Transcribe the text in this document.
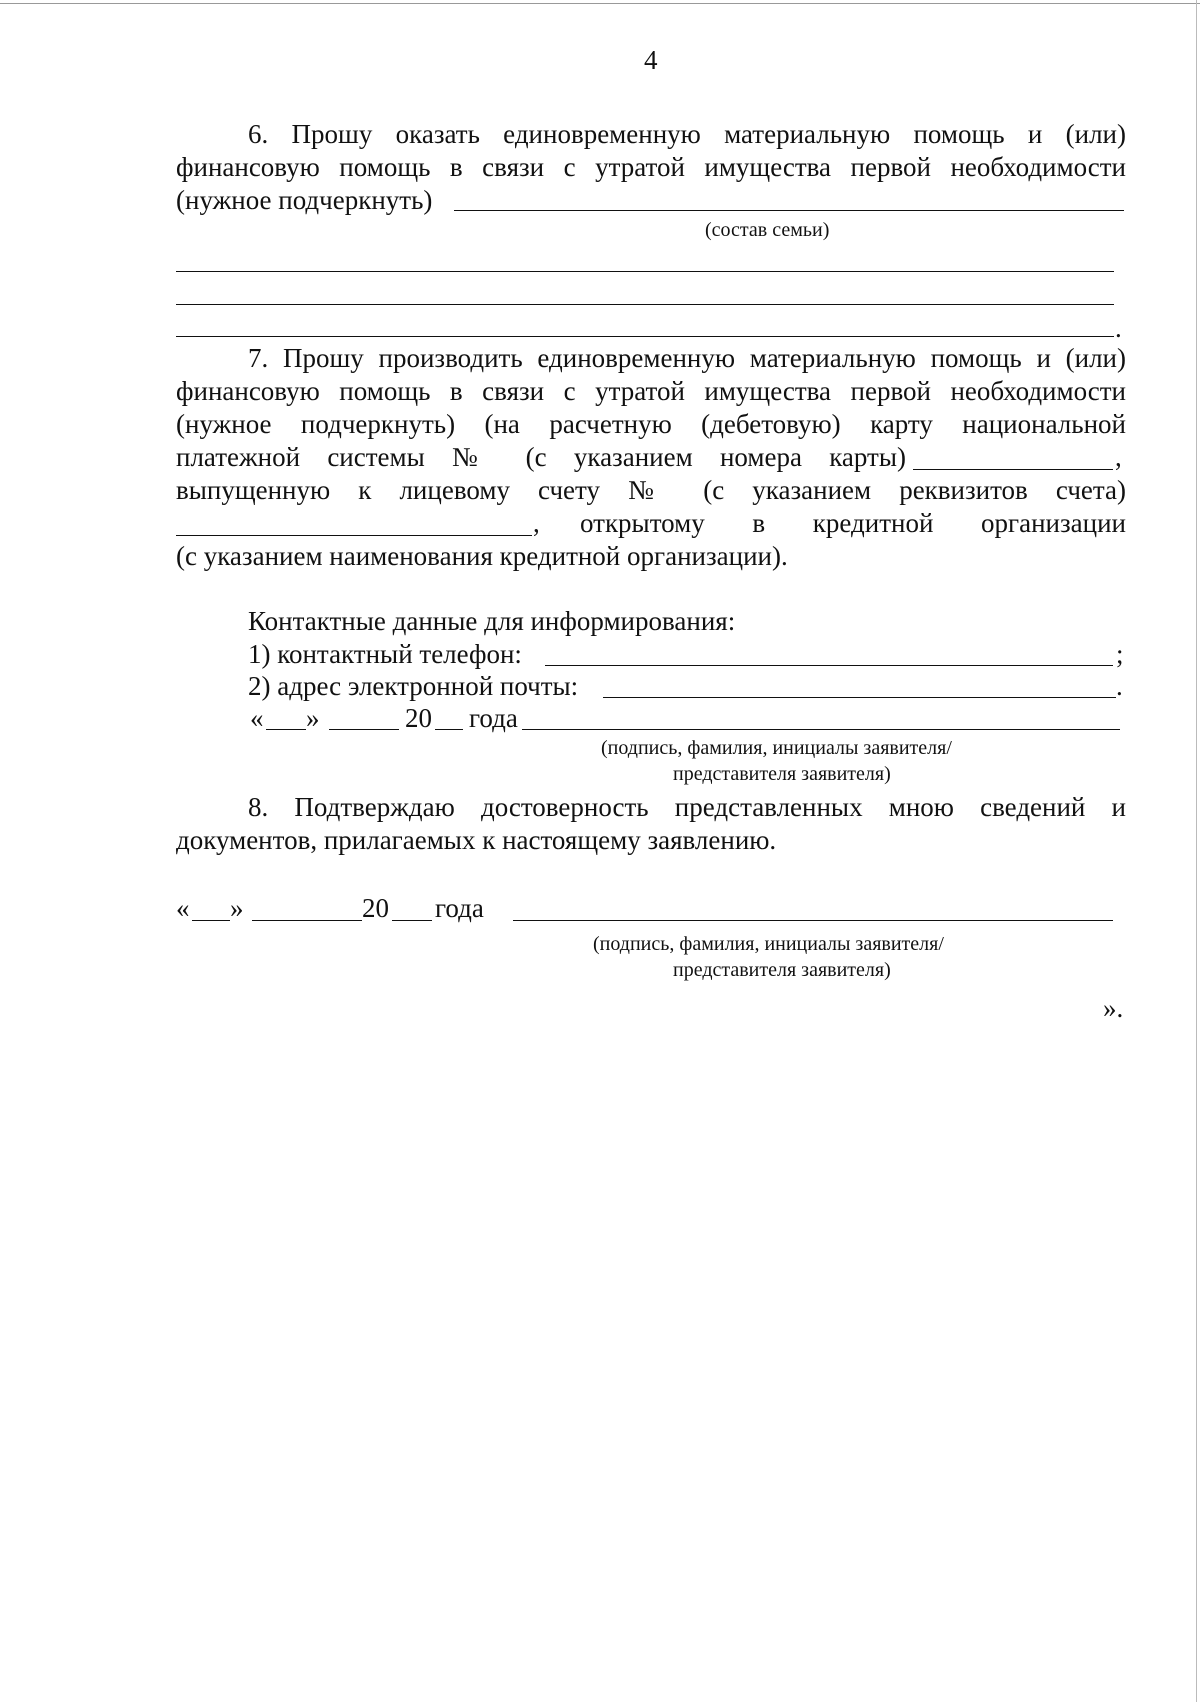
4
6. Прошу оказать единовременную материальную помощь и (или)
финансовую помощь в связи с утратой имущества первой необходимости
(нужное подчеркнуть)
(состав семьи)
.
7. Прошу производить единовременную материальную помощь и (или)
финансовую помощь в связи с утратой имущества первой необходимости
(нужное подчеркнуть) (на расчетную (дебетовую) карту национальной
платежной системы № (с указанием номера карты)	,
выпущенную к лицевому счету № (с указанием реквизитов счета)
, открытому в кредитной организации
(с указанием наименования кредитной организации).
Контактные данные для информирования:
1) контактный телефон:	;
2) адрес электронной почты:	.
« »	20 года
(подпись, фамилия, инициалы заявителя/
представителя заявителя)
8. Подтверждаю достоверность представленных мною сведений и
документов, прилагаемых к настоящему заявлению.
« »	20 года
(подпись, фамилия, инициалы заявителя/
представителя заявителя)
».
